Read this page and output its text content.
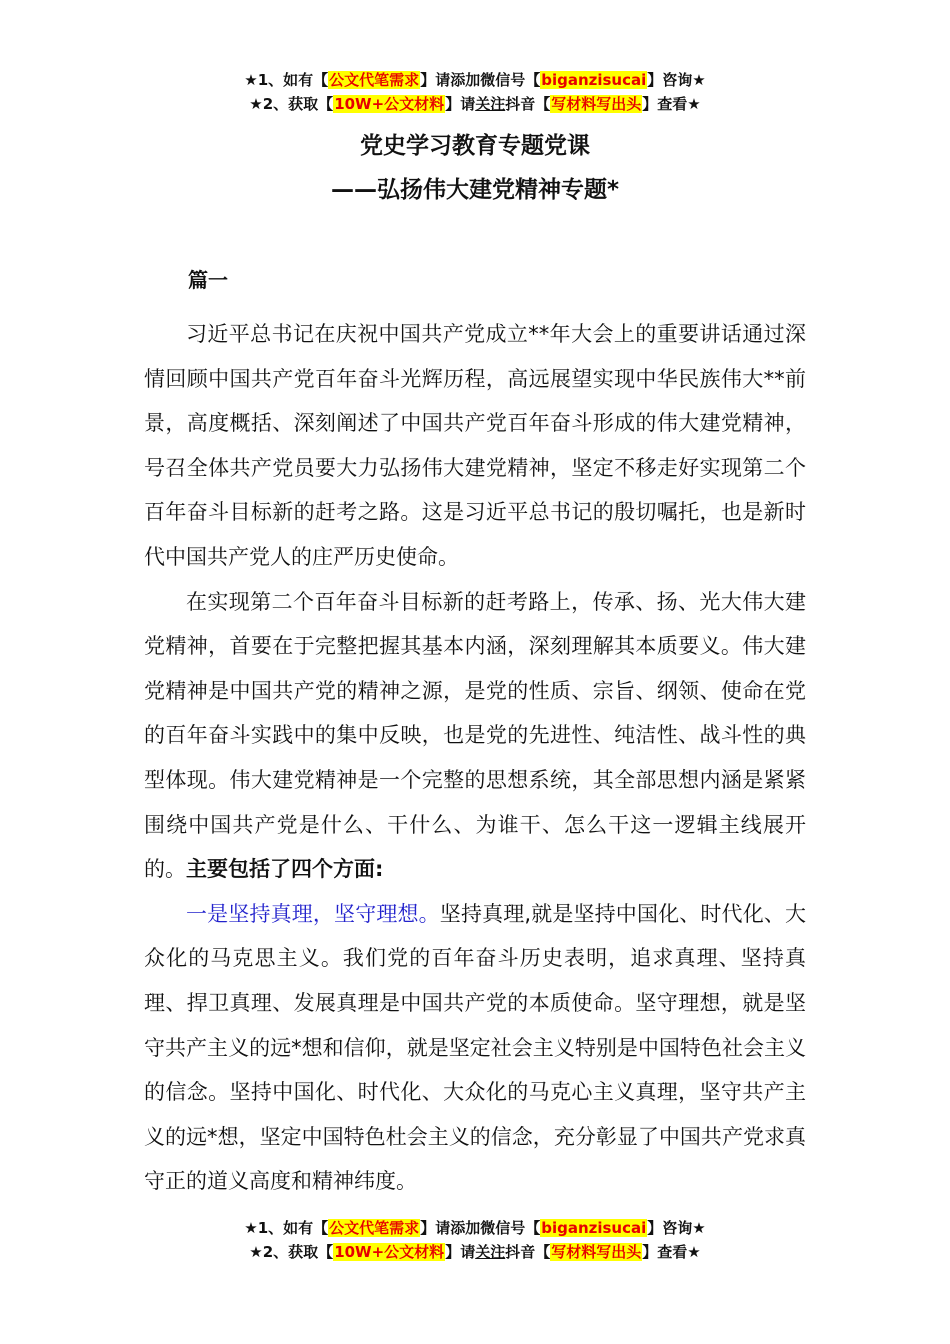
★1、如有【公文代笔需求】请添加微信号【biganzisucai】咨询★
★2、获取【10W+公文材料】请关注抖音【写材料写出头】查看★
党史学习教育专题党课
——弘扬伟大建党精神专题*
篇一

习近平总书记在庆祝中国共产党成立**年大会上的重要讲话通过深情回顾中国共产党百年奋斗光辉历程，高远展望实现中华民族伟大**前景，高度概括、深刻阐述了中国共产党百年奋斗形成的伟大建党精神，号召全体共产党员要大力弘扬伟大建党精神，坚定不移走好实现第二个百年奋斗目标新的赶考之路。这是习近平总书记的殷切嘱托，也是新时代中国共产党人的庄严历史使命。

在实现第二个百年奋斗目标新的赶考路上，传承、扬、光大伟大建党精神，首要在于完整把握其基本内涵，深刻理解其本质要义。伟大建党精神是中国共产党的精神之源，是党的性质、宗旨、纲领、使命在党的百年奋斗实践中的集中反映，也是党的先进性、纯洁性、战斗性的典型体现。伟大建党精神是一个完整的思想系统，其全部思想内涵是紧紧围绕中国共产党是什么、干什么、为谁干、怎么干这一逻辑主线展开的。主要包括了四个方面:

一是坚持真理，坚守理想。坚持真理,就是坚持中国化、时代化、大众化的马克思主义。我们党的百年奋斗历史表明，追求真理、坚持真理、捍卫真理、发展真理是中国共产党的本质使命。坚守理想，就是坚守共产主义的远*想和信仰，就是坚定社会主义特别是中国特色社会主义的信念。坚持中国化、时代化、大众化的马克心主义真理，坚守共产主义的远*想，坚定中国特色杜会主义的信念，充分彰显了中国共产党求真守正的道义高度和精神纬度。

★1、如有【公文代笔需求】请添加微信号【biganzisucai】咨询★
★2、获取【10W+公文材料】请关注抖音【写材料写出头】查看★
